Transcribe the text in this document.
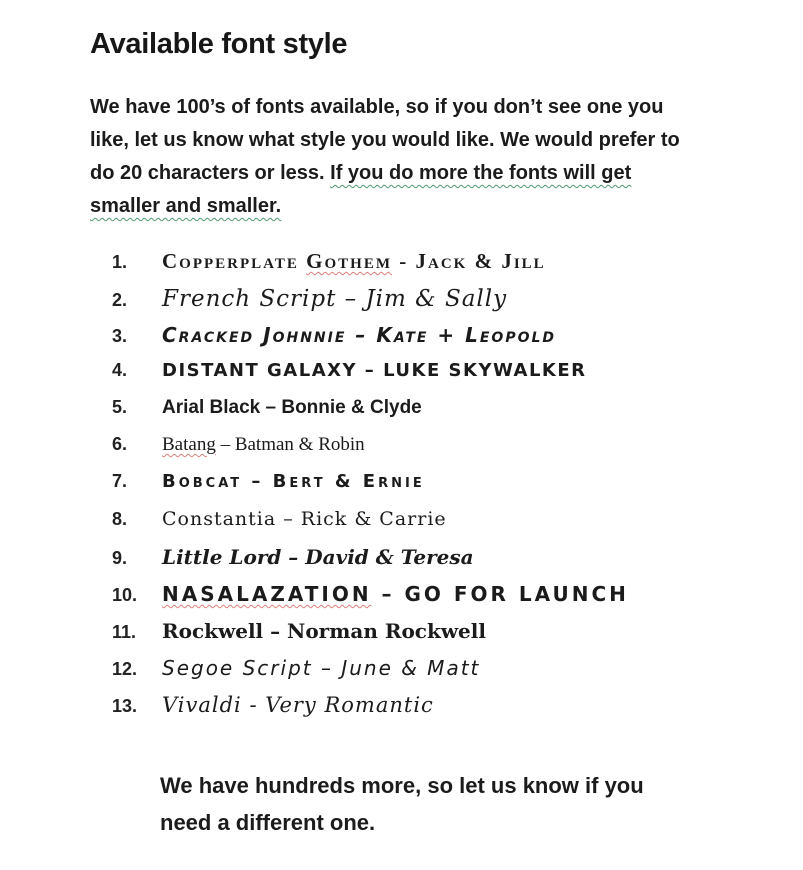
Available font style

We have 100’s of fonts available, so if you don’t see one you like, let us know what style you would like. We would prefer to do 20 characters or less. If you do more the fonts will get smaller and smaller.

1.	Copperplate Gothem - Jack & Jill
2.	French Script – Jim & Sally
3.	Cracked Johnnie – Kate + Leopold
4.	DISTANT GALAXY – LUKE SKYWALKER
5.	Arial Black – Bonnie & Clyde
6.	Batang – Batman & Robin
7.	Bobcat – Bert & Ernie
8.	Constantia – Rick & Carrie
9.	Little Lord – David & Teresa
10.	NASALAZATION – GO FOR LAUNCH
11.	Rockwell – Norman Rockwell
12.	Segoe Script – June & Matt
13.	Vivaldi - Very Romantic

We have hundreds more, so let us know if you need a different one.
